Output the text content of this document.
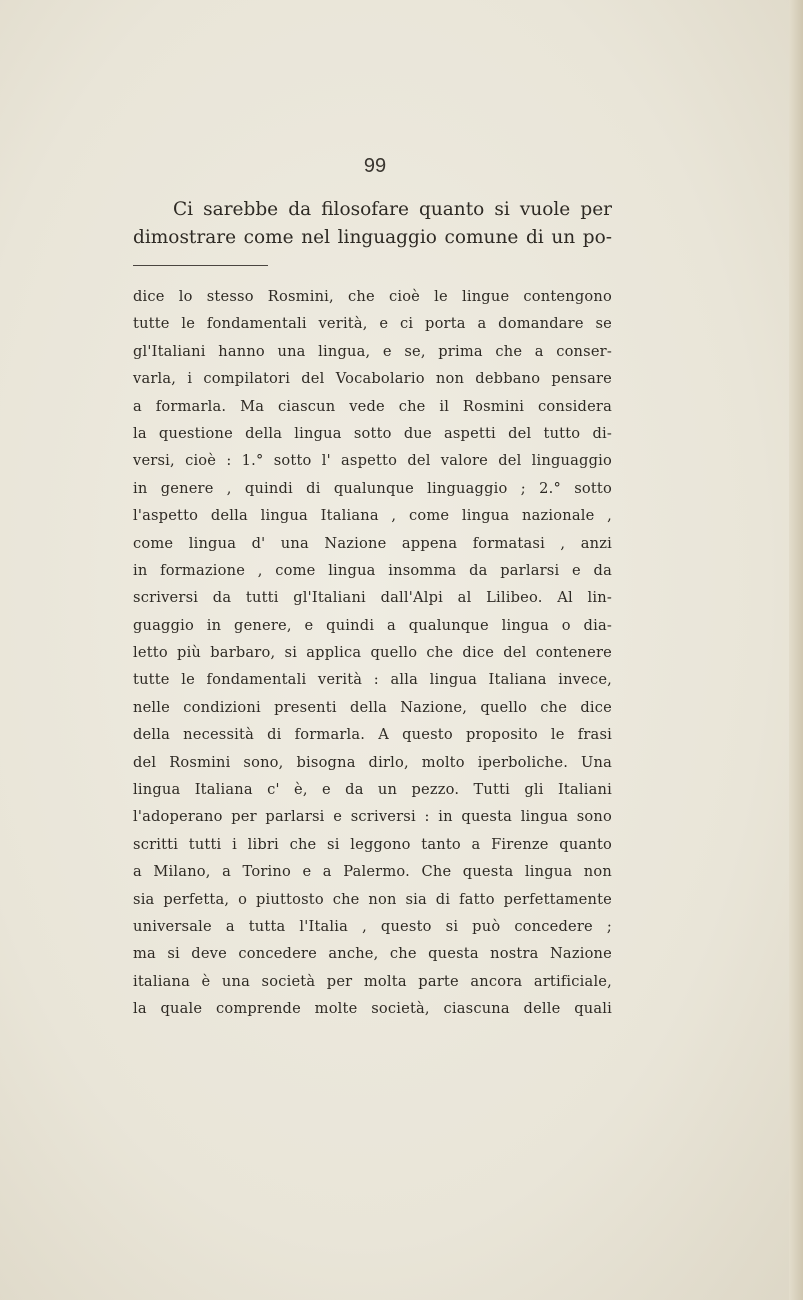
99
Ci sarebbe da filosofare quanto si vuole per
dimostrare come nel linguaggio comune di un po-
dice lo stesso Rosmini, che cioè le lingue contengono
tutte le fondamentali verità, e ci porta a domandare se
gl'Italiani hanno una lingua, e se, prima che a conser-
varla, i compilatori del Vocabolario non debbano pensare
a formarla. Ma ciascun vede che il Rosmini considera
la questione della lingua sotto due aspetti del tutto di-
versi, cioè : 1.° sotto l' aspetto del valore del linguaggio
in genere , quindi di qualunque linguaggio ; 2.° sotto
l'aspetto della lingua Italiana , come lingua nazionale ,
come lingua d' una Nazione appena formatasi , anzi
in formazione , come lingua insomma da parlarsi e da
scriversi da tutti gl'Italiani dall'Alpi al Lilibeo. Al lin-
guaggio in genere, e quindi a qualunque lingua o dia-
letto più barbaro, si applica quello che dice del contenere
tutte le fondamentali verità : alla lingua Italiana invece,
nelle condizioni presenti della Nazione, quello che dice
della necessità di formarla. A questo proposito le frasi
del Rosmini sono, bisogna dirlo, molto iperboliche. Una
lingua Italiana c' è, e da un pezzo. Tutti gli Italiani
l'adoperano per parlarsi e scriversi : in questa lingua sono
scritti tutti i libri che si leggono tanto a Firenze quanto
a Milano, a Torino e a Palermo. Che questa lingua non
sia perfetta, o piuttosto che non sia di fatto perfettamente
universale a tutta l'Italia , questo si può concedere ;
ma si deve concedere anche, che questa nostra Nazione
italiana è una società per molta parte ancora artificiale,
la quale comprende molte società, ciascuna delle quali
